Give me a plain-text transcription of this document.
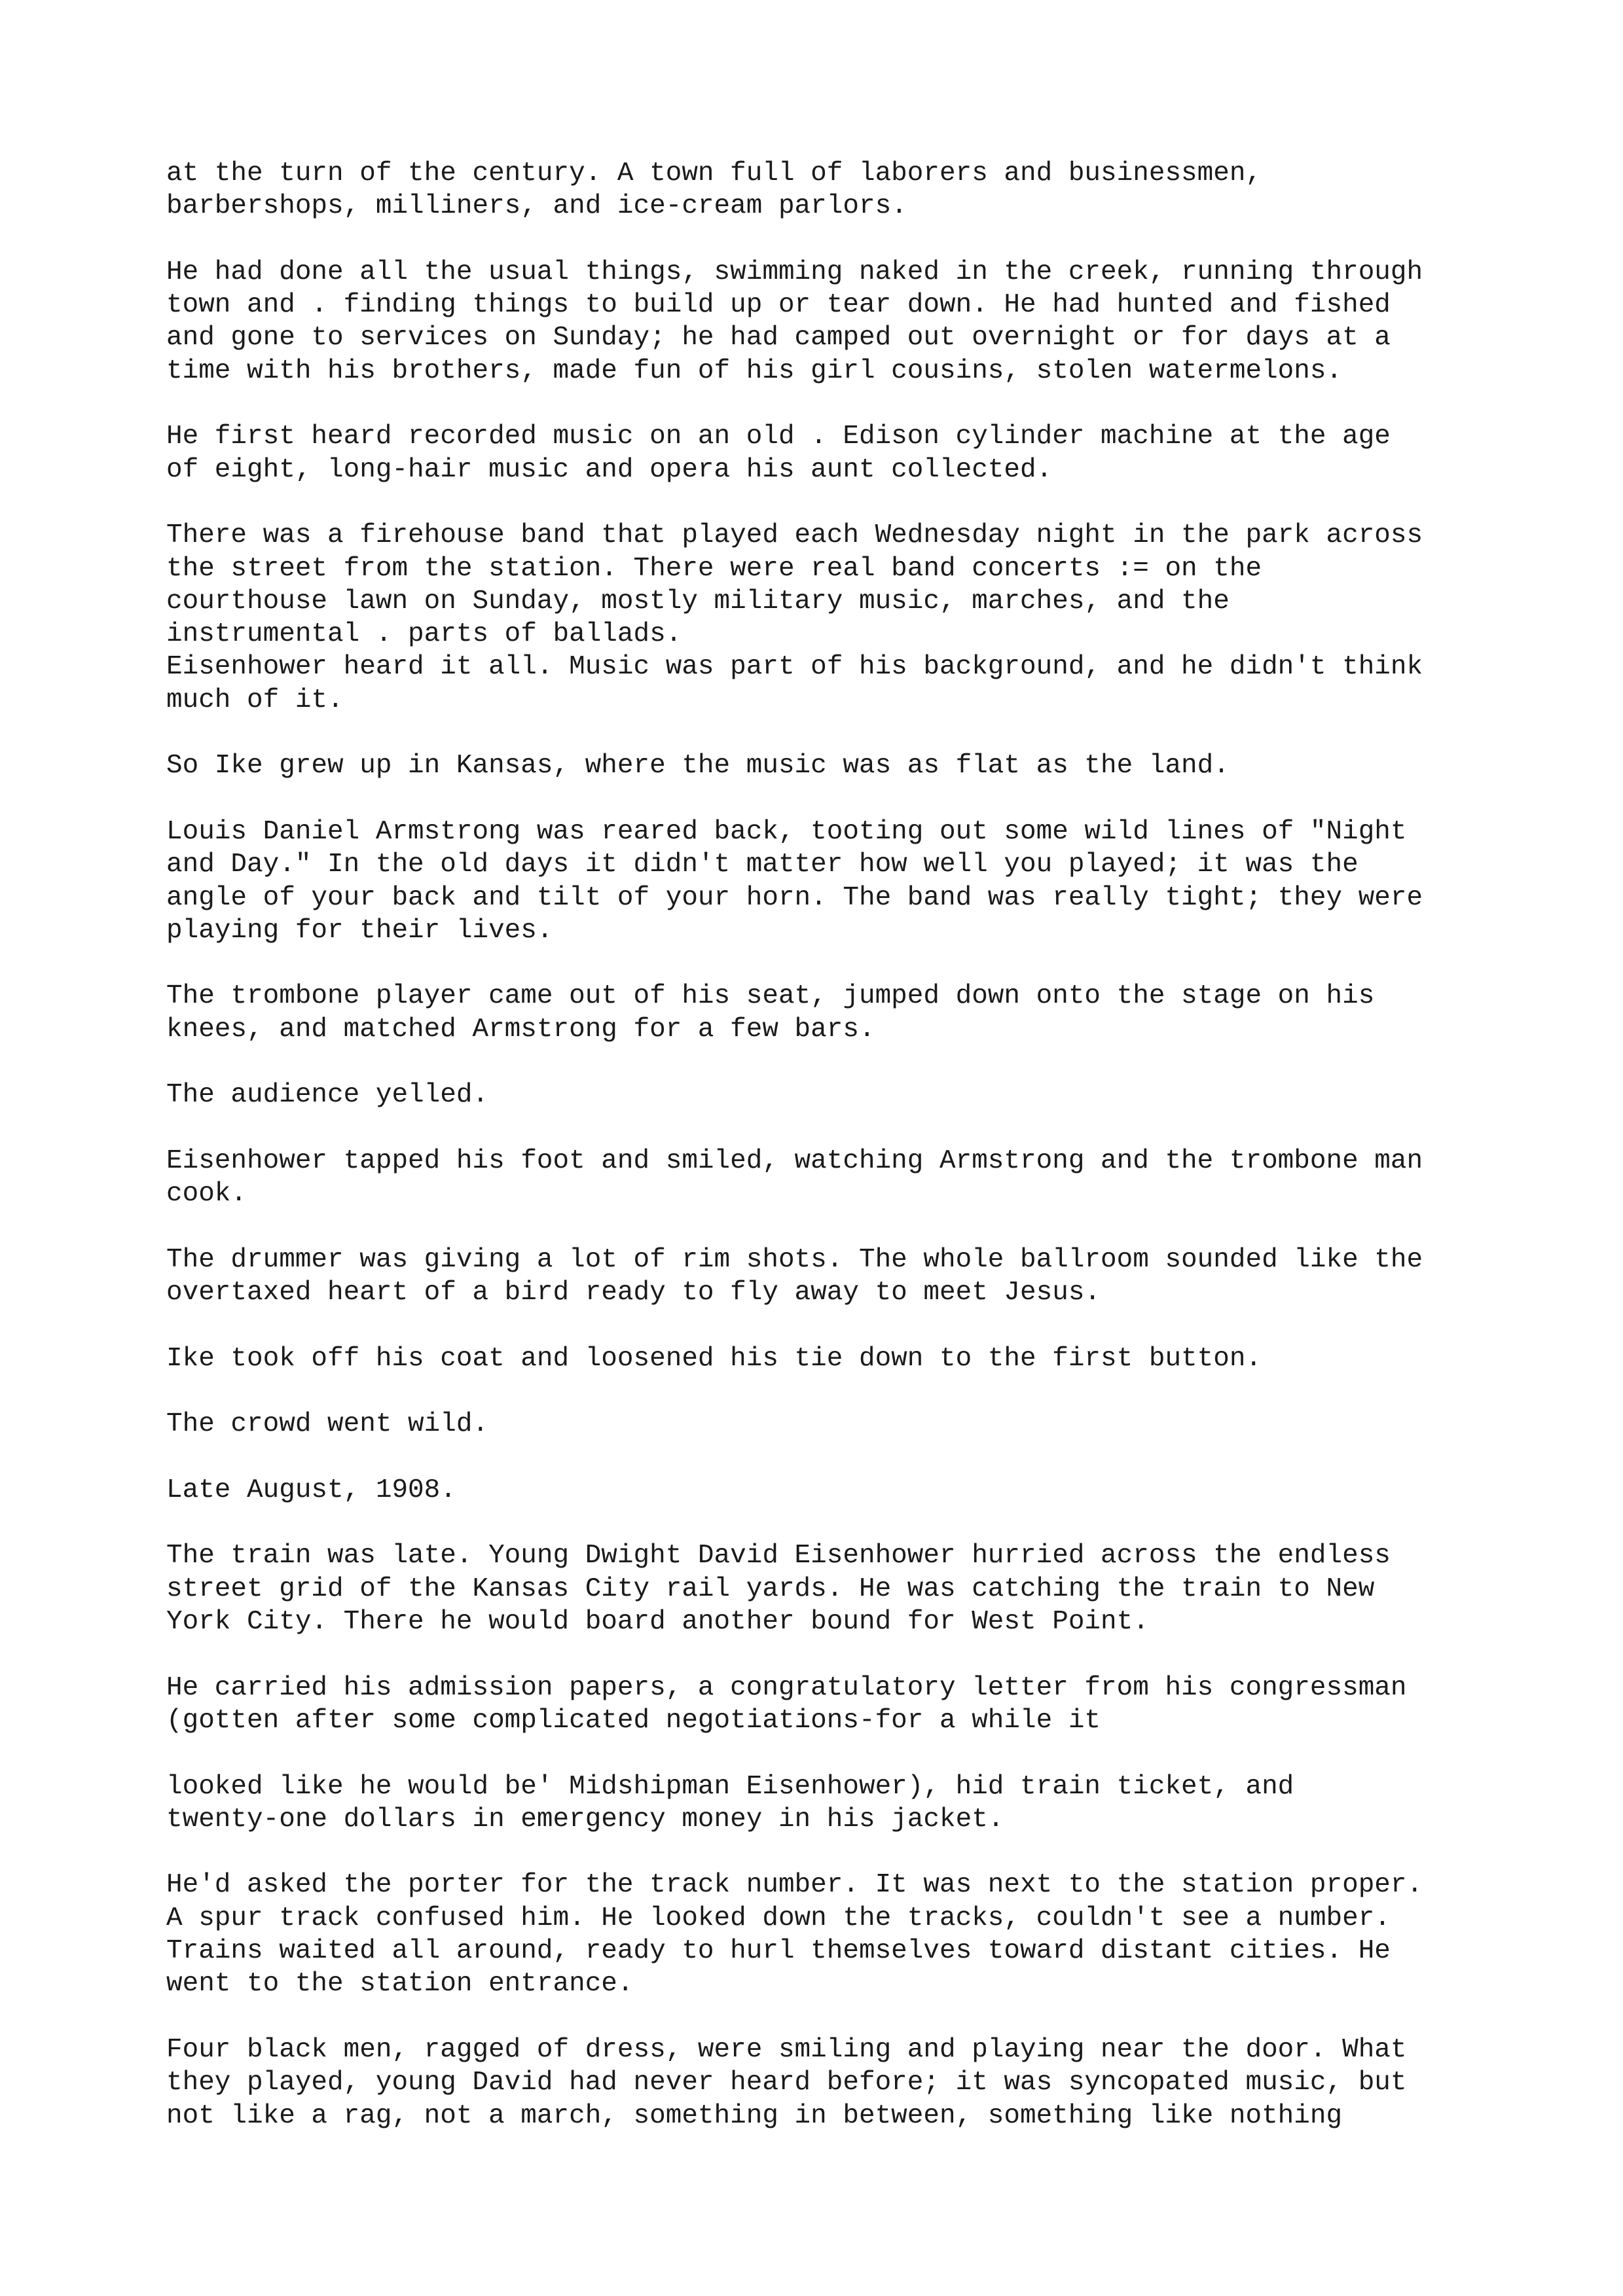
at the turn of the century. A town full of laborers and businessmen,
barbershops, milliners, and ice-cream parlors.
He had done all the usual things, swimming naked in the creek, running through
town and . finding things to build up or tear down. He had hunted and fished
and gone to services on Sunday; he had camped out overnight or for days at a
time with his brothers, made fun of his girl cousins, stolen watermelons.
He first heard recorded music on an old . Edison cylinder machine at the age
of eight, long-hair music and opera his aunt collected.
There was a firehouse band that played each Wednesday night in the park across
the street from the station. There were real band concerts := on the
courthouse lawn on Sunday, mostly military music, marches, and the
instrumental . parts of ballads.
Eisenhower heard it all. Music was part of his background, and he didn't think
much of it.
So Ike grew up in Kansas, where the music was as flat as the land.
Louis Daniel Armstrong was reared back, tooting out some wild lines of "Night
and Day." In the old days it didn't matter how well you played; it was the
angle of your back and tilt of your horn. The band was really tight; they were
playing for their lives.
The trombone player came out of his seat, jumped down onto the stage on his
knees, and matched Armstrong for a few bars.
The audience yelled.
Eisenhower tapped his foot and smiled, watching Armstrong and the trombone man
cook.
The drummer was giving a lot of rim shots. The whole ballroom sounded like the
overtaxed heart of a bird ready to fly away to meet Jesus.
Ike took off his coat and loosened his tie down to the first button.
The crowd went wild.
Late August, 1908.
The train was late. Young Dwight David Eisenhower hurried across the endless
street grid of the Kansas City rail yards. He was catching the train to New
York City. There he would board another bound for West Point.
He carried his admission papers, a congratulatory letter from his congressman
(gotten after some complicated negotiations-for a while it
looked like he would be' Midshipman Eisenhower), hid train ticket, and
twenty-one dollars in emergency money in his jacket.
He'd asked the porter for the track number. It was next to the station proper.
A spur track confused him. He looked down the tracks, couldn't see a number.
Trains waited all around, ready to hurl themselves toward distant cities. He
went to the station entrance.
Four black men, ragged of dress, were smiling and playing near the door. What
they played, young David had never heard before; it was syncopated music, but
not like a rag, not a march, something in between, something like nothing
